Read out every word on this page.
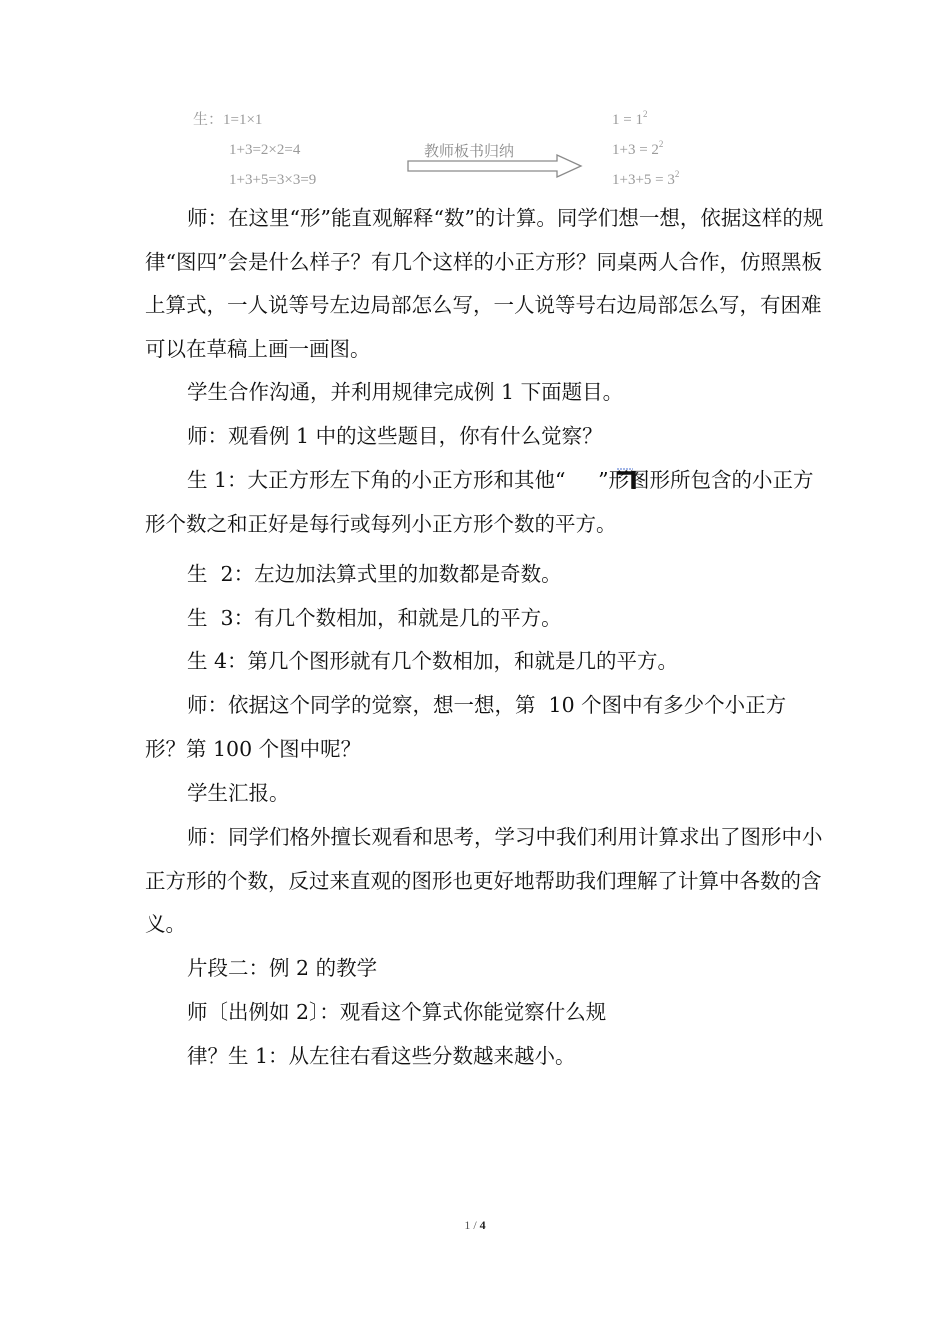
生：1=1×1
1+3=2×2=4
1+3+5=3×3=9
教师板书归纳
$1 = 1^2$
$1+3 = 2^2$
$1+3+5 = 3^2$

师：在这里“形”能直观解释“数”的计算。同学们想一想，依据这样的规律“图四”会是什么样子？有几个这样的小正方形？同桌两人合作，仿照黑板上算式，一人说等号左边局部怎么写，一人说等号右边局部怎么写，有困难可以在草稿上画一画图。

学生合作沟通，并利用规律完成例 1 下面题目。

师：观看例 1 中的这些题目，你有什么觉察？

生 1：大正方形左下角的小正方形和其他“ ”形图形所包含的小正方形个数之和正好是每行或每列小正方形个数的平方。

生  2：左边加法算式里的加数都是奇数。

生  3：有几个数相加，和就是几的平方。

生 4：第几个图形就有几个数相加，和就是几的平方。

师：依据这个同学的觉察，想一想，第  10 个图中有多少个小正方形？第 100 个图中呢？

学生汇报。

师：同学们格外擅长观看和思考，学习中我们利用计算求出了图形中小正方形的个数，反过来直观的图形也更好地帮助我们理解了计算中各数的含义。

片段二：例 2 的教学

师〔出例如 2〕：观看这个算式你能觉察什么规

律？生 1：从左往右看这些分数越来越小。

1 / 4
